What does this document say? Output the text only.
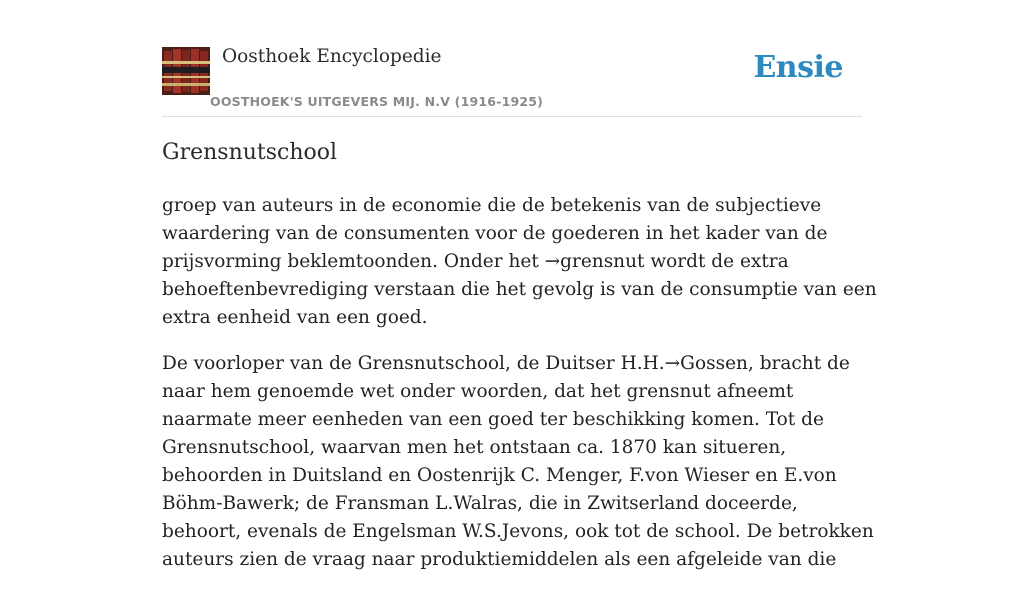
Oosthoek Encyclopedie
OOSTHOEK'S UITGEVERS MIJ. N.V (1916-1925)
Ensie
Grensnutschool

groep van auteurs in de economie die de betekenis van de subjectieve waardering van de consumenten voor de goederen in het kader van de prijsvorming beklemtoonden. Onder het →grensnut wordt de extra behoeftenbevrediging verstaan die het gevolg is van de consumptie van een extra eenheid van een goed.

De voorloper van de Grensnutschool, de Duitser H.H.→Gossen, bracht de naar hem genoemde wet onder woorden, dat het grensnut afneemt naarmate meer eenheden van een goed ter beschikking komen. Tot de Grensnutschool, waarvan men het ontstaan ca. 1870 kan situeren, behoorden in Duitsland en Oostenrijk C. Menger, F.von Wieser en E.von Böhm-Bawerk; de Fransman L.Walras, die in Zwitserland doceerde, behoort, evenals de Engelsman W.S.Jevons, ook tot de school. De betrokken auteurs zien de vraag naar produktiemiddelen als een afgeleide van die
